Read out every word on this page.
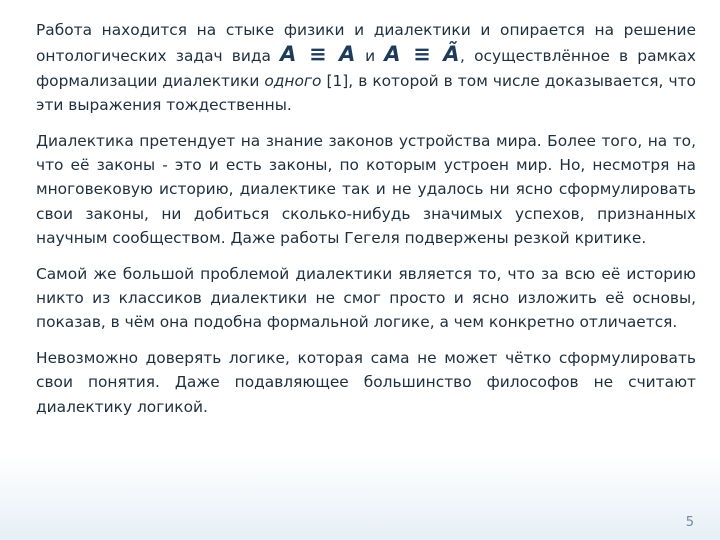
Работа находится на стыке физики и диалектики и опирается на решение онтологических задач вида A ≡ A и A ≡ Ã, осуществлённое в рамках формализации диалектики одного [1], в которой в том числе доказывается, что эти выражения тождественны.

Диалектика претендует на знание законов устройства мира. Более того, на то, что её законы - это и есть законы, по которым устроен мир. Но, несмотря на многовековую историю, диалектике так и не удалось ни ясно сформулировать свои законы, ни добиться сколько-нибудь значимых успехов, признанных научным сообществом. Даже работы Гегеля подвержены резкой критике.

Самой же большой проблемой диалектики является то, что за всю её историю никто из классиков диалектики не смог просто и ясно изложить её основы, показав, в чём она подобна формальной логике, а чем конкретно отличается.

Невозможно доверять логике, которая сама не может чётко сформулировать свои понятия. Даже подавляющее большинство философов не считают диалектику логикой.

5
